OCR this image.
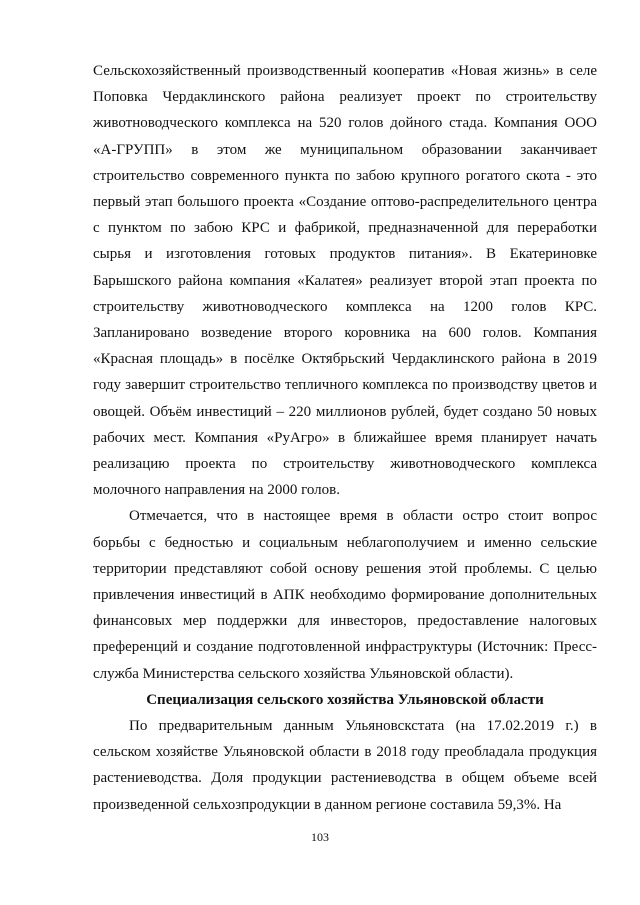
Сельскохозяйственный производственный кооператив «Новая жизнь» в селе Поповка Чердаклинского района реализует проект по строительству животноводческого комплекса на 520 голов дойного стада. Компания ООО «А-ГРУПП» в этом же муниципальном образовании заканчивает строительство современного пункта по забою крупного рогатого скота - это первый этап большого проекта «Создание оптово-распределительного центра с пунктом по забою КРС и фабрикой, предназначенной для переработки сырья и изготовления готовых продуктов питания». В Екатериновке Барышского района компания «Калатея» реализует второй этап проекта по строительству животноводческого комплекса на 1200 голов КРС. Запланировано возведение второго коровника на 600 голов. Компания «Красная площадь» в посёлке Октябрьский Чердаклинского района в 2019 году завершит строительство тепличного комплекса по производству цветов и овощей. Объём инвестиций – 220 миллионов рублей, будет создано 50 новых рабочих мест. Компания «РуАгро» в ближайшее время планирует начать реализацию проекта по строительству животноводческого комплекса молочного направления на 2000 голов.

Отмечается, что в настоящее время в области остро стоит вопрос борьбы с бедностью и социальным неблагополучием и именно сельские территории представляют собой основу решения этой проблемы. С целью привлечения инвестиций в АПК необходимо формирование дополнительных финансовых мер поддержки для инвесторов, предоставление налоговых преференций и создание подготовленной инфраструктуры (Источник: Пресс-служба Министерства сельского хозяйства Ульяновской области).

Специализация сельского хозяйства Ульяновской области

По предварительным данным Ульяновскстата (на 17.02.2019 г.) в сельском хозяйстве Ульяновской области в 2018 году преобладала продукция растениеводства. Доля продукции растениеводства в общем объеме всей произведенной сельхозпродукции в данном регионе составила 59,3%. На

103
